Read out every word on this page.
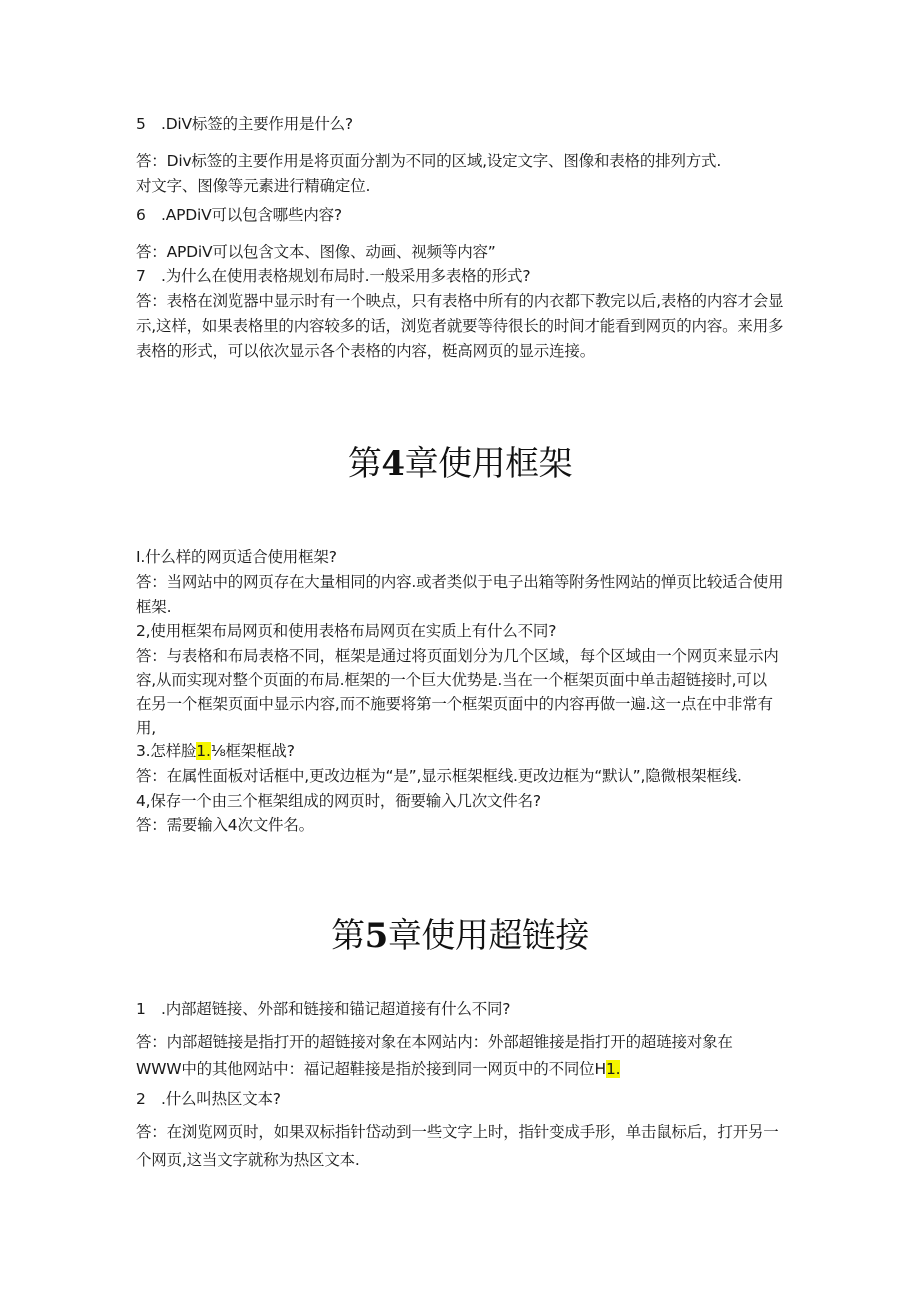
5　.DiV标签的主要作用是什么?
答：Div标签的主要作用是将页面分割为不同的区域,设定文字、图像和表格的排列方式.
对文字、图像等元素进行精确定位.
6　.APDiV可以包含哪些内容?
答：APDiV可以包含文本、图像、动画、视频等内容”
7　.为什么在使用表格规划布局时.一般采用多表格的形式?
答：表格在浏览器中显示时有一个映点，只有表格中所有的内衣都下教完以后,表格的内容才会显
示,这样，如果表格里的内容较多的话，浏览者就要等待很长的时间才能看到网页的内容。来用多
表格的形式，可以依次显示各个表格的内容，梃高网页的显示连接。
第4章使用框架
I.什么样的网页适合使用框架?
答：当网站中的网页存在大量相同的内容.或者类似于电子出箱等附务性网站的惮页比较适合使用
框架.
2,使用框架布局网页和使用表格布局网页在实质上有什么不同?
答：与表格和布局表格不同，框架是通过将页面划分为几个区域，每个区域由一个网页来显示内
容,从而实现对整个页面的布局.框架的一个巨大优势是.当在一个框架页面中单击超链接时,可以
在另一个框架页面中显示内容,而不施要将第一个框架页面中的内容再做一遍.这一点在中非常有
用,
3.怎样脸1.⅛框架框战?
答：在属性面板对话框中,更改边框为“是”,显示框架框线.更改边框为“默认”,隐微根架框线.
4,保存一个由三个框架组成的网页时，衙要输入几次文件名?
答：需要输入4次文件名。
第5章使用超链接
1　.内部超链接、外部和链接和锚记超道接有什么不同?
答：内部超链接是指打开的超链接对象在本网站内：外部超锥接是指打开的超琏接对象在
WWW中的其他网站中：福记超鞋接是指於接到同一网页中的不同位H1.
2　.什么叫热区文本?
答：在浏览网页时，如果双标指针岱动到一些文字上时，指针变成手形，单击鼠标后，打开另一
个网页,这当文字就称为热区文本.
